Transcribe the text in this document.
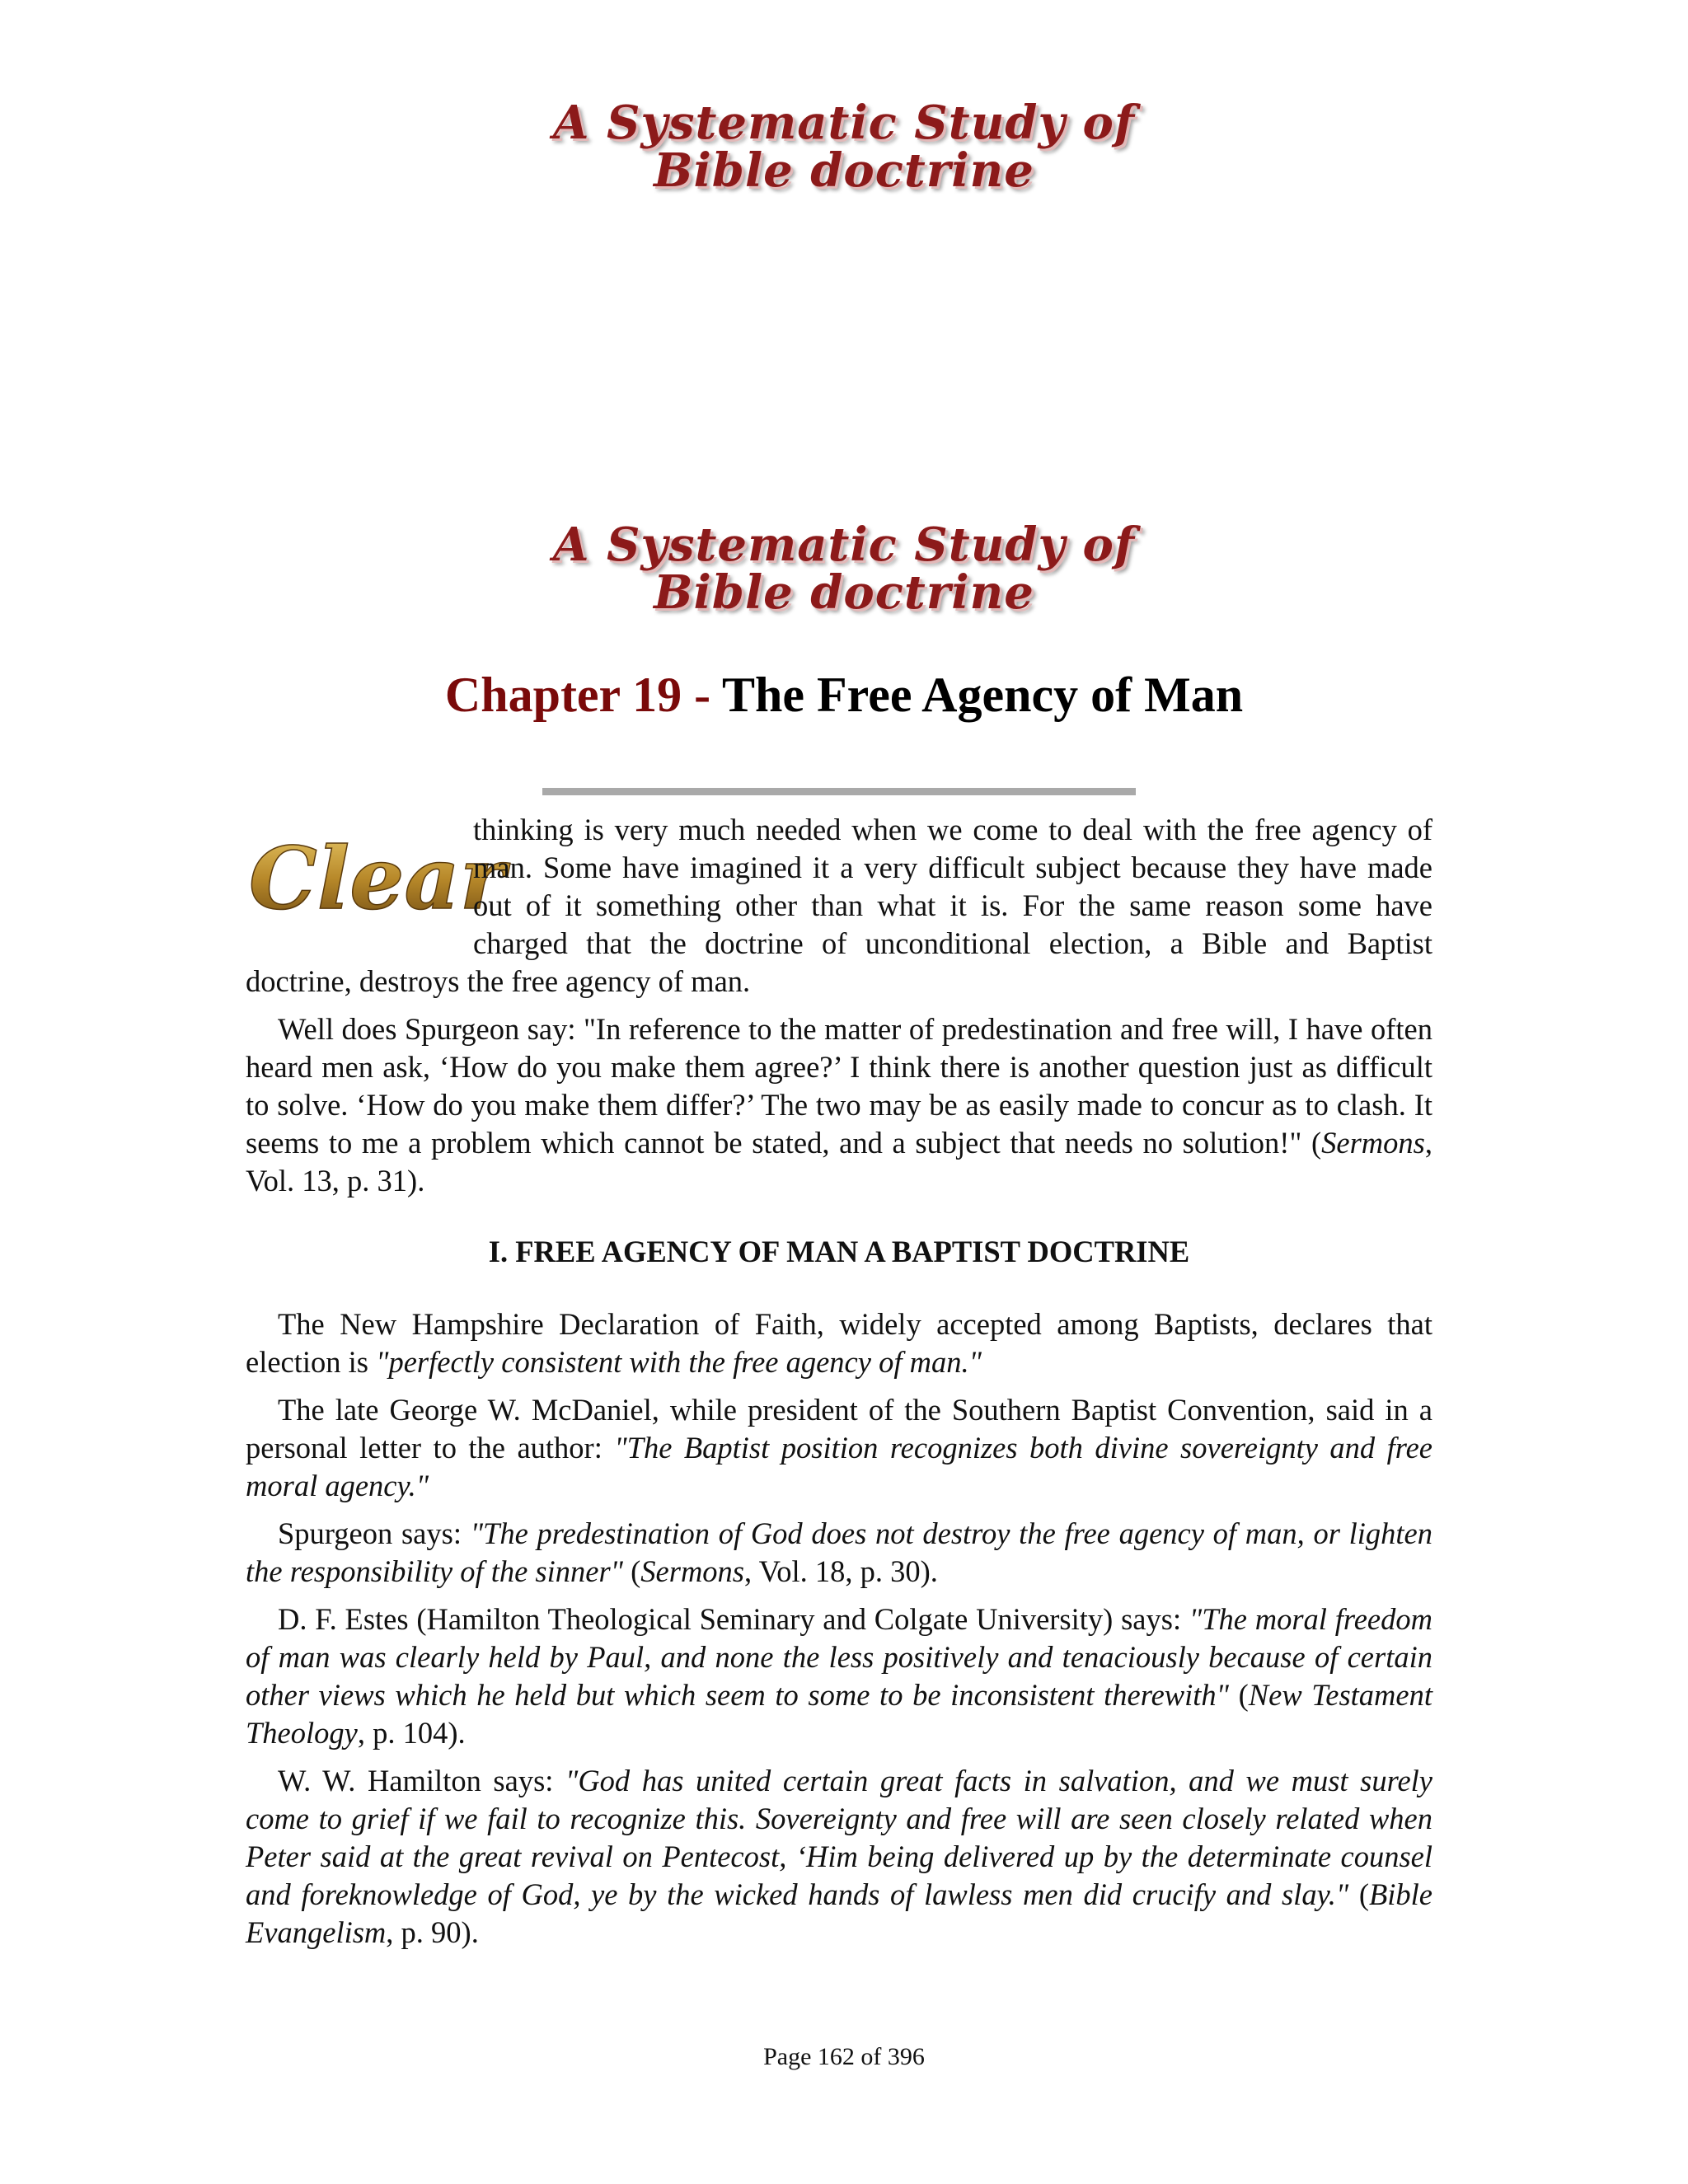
A Systematic Study of
Bible doctrine
A Systematic Study of
Bible doctrine
Chapter 19 - The Free Agency of Man

Clear
thinking is very much needed when we come to deal with the free agency of man. Some have imagined it a very difficult subject because they have made out of it something other than what it is. For the same reason some have charged that the doctrine of unconditional election, a Bible and Baptist doctrine, destroys the free agency of man.

Well does Spurgeon say: "In reference to the matter of predestination and free will, I have often heard men ask, ‘How do you make them agree?’ I think there is another question just as difficult to solve. ‘How do you make them differ?’ The two may be as easily made to concur as to clash. It seems to me a problem which cannot be stated, and a subject that needs no solution!" (Sermons, Vol. 13, p. 31).

I. FREE AGENCY OF MAN A BAPTIST DOCTRINE

The New Hampshire Declaration of Faith, widely accepted among Baptists, declares that election is "perfectly consistent with the free agency of man."

The late George W. McDaniel, while president of the Southern Baptist Convention, said in a personal letter to the author: "The Baptist position recognizes both divine sovereignty and free moral agency."

Spurgeon says: "The predestination of God does not destroy the free agency of man, or lighten the responsibility of the sinner" (Sermons, Vol. 18, p. 30).

D. F. Estes (Hamilton Theological Seminary and Colgate University) says: "The moral freedom of man was clearly held by Paul, and none the less positively and tenaciously because of certain other views which he held but which seem to some to be inconsistent therewith" (New Testament Theology, p. 104).

W. W. Hamilton says: "God has united certain great facts in salvation, and we must surely come to grief if we fail to recognize this. Sovereignty and free will are seen closely related when Peter said at the great revival on Pentecost, ‘Him being delivered up by the determinate counsel and foreknowledge of God, ye by the wicked hands of lawless men did crucify and slay." (Bible Evangelism, p. 90).

Page 162 of 396
